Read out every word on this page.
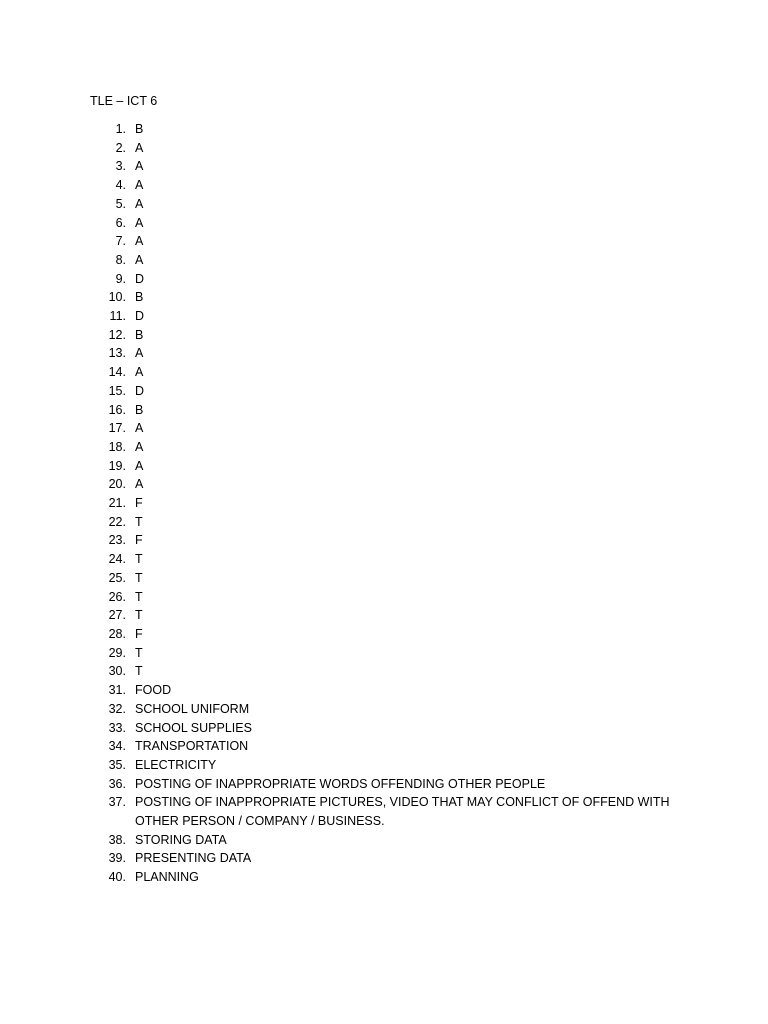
TLE – ICT 6
1. B
2. A
3. A
4. A
5. A
6. A
7. A
8. A
9. D
10. B
11. D
12. B
13. A
14. A
15. D
16. B
17. A
18. A
19. A
20. A
21. F
22. T
23. F
24. T
25. T
26. T
27. T
28. F
29. T
30. T
31. FOOD
32. SCHOOL UNIFORM
33. SCHOOL SUPPLIES
34. TRANSPORTATION
35. ELECTRICITY
36. POSTING OF INAPPROPRIATE WORDS OFFENDING OTHER PEOPLE
37. POSTING OF INAPPROPRIATE PICTURES, VIDEO THAT MAY CONFLICT OF OFFEND WITH OTHER PERSON / COMPANY / BUSINESS.
38. STORING DATA
39. PRESENTING DATA
40. PLANNING
